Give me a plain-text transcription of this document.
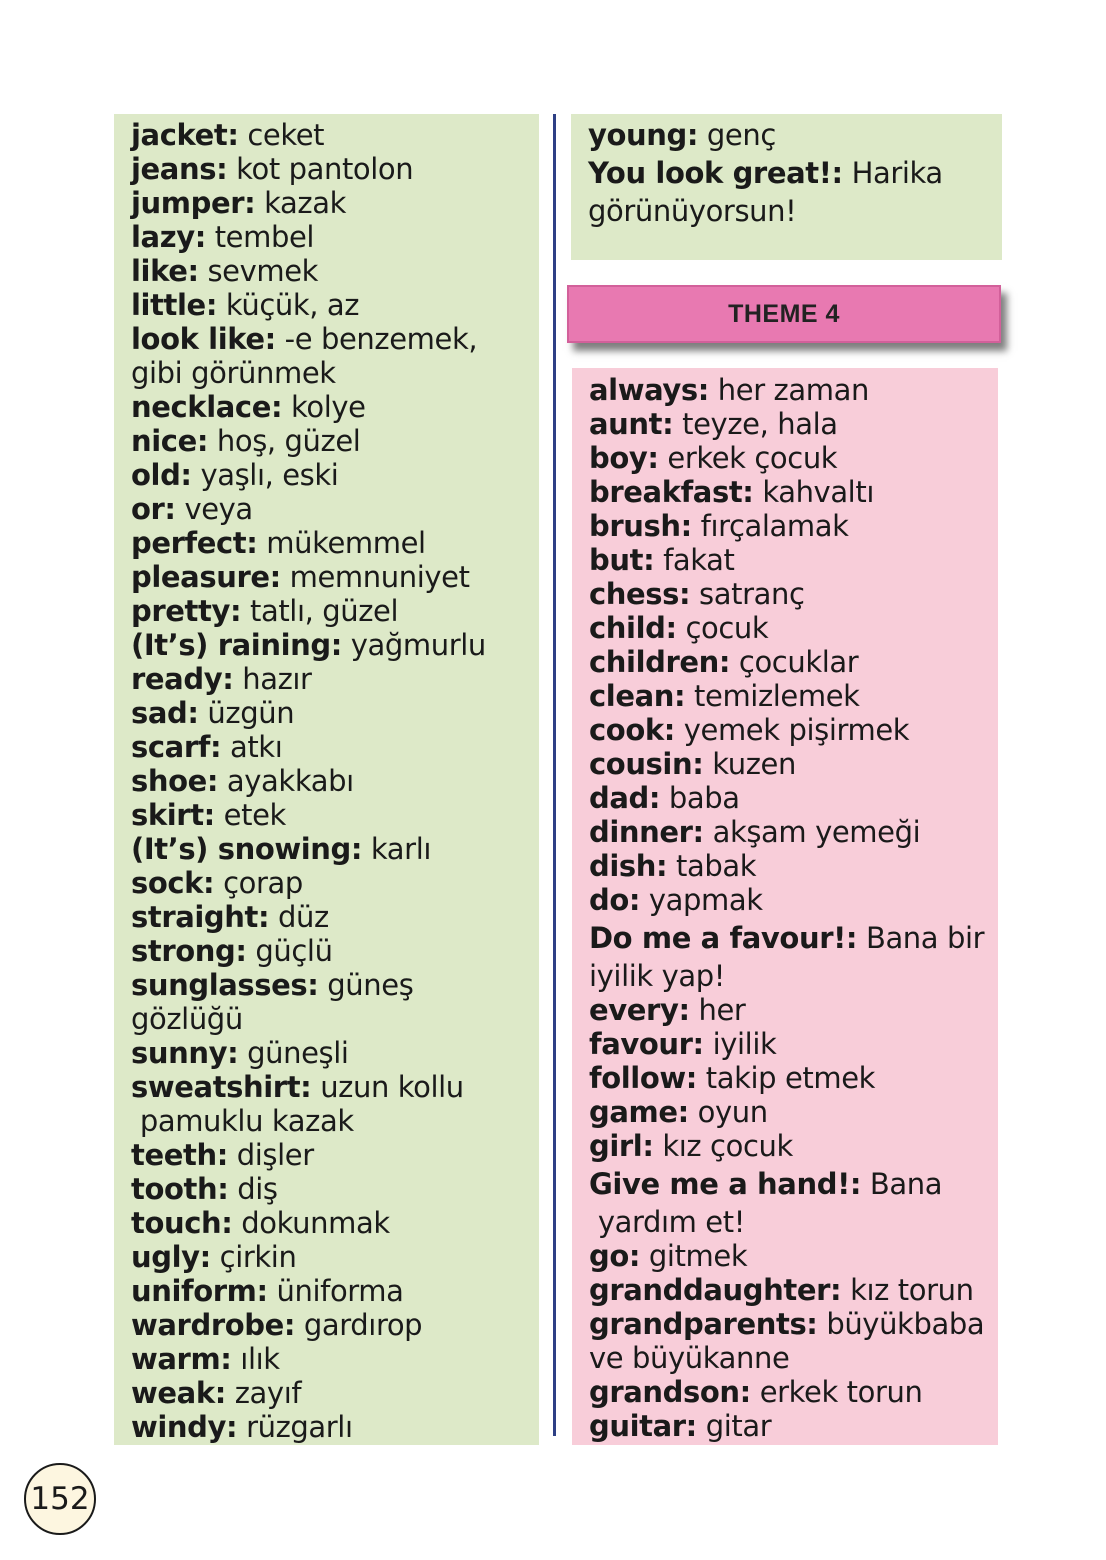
jacket: ceket
jeans: kot pantolon
jumper: kazak
lazy: tembel
like: sevmek
little: küçük, az
look like: -e benzemek,
gibi görünmek
necklace: kolye
nice: hoş, güzel
old: yaşlı, eski
or: veya
perfect: mükemmel
pleasure: memnuniyet
pretty: tatlı, güzel
(It’s) raining: yağmurlu
ready: hazır
sad: üzgün
scarf: atkı
shoe: ayakkabı
skirt: etek
(It’s) snowing: karlı
sock: çorap
straight: düz
strong: güçlü
sunglasses: güneş
gözlüğü
sunny: güneşli
sweatshirt: uzun kollu
pamuklu kazak
teeth: dişler
tooth: diş
touch: dokunmak
ugly: çirkin
uniform: üniforma
wardrobe: gardırop
warm: ılık
weak: zayıf
windy: rüzgarlı
young: genç
You look great!: Harika
görünüyorsun!
THEME 4
always: her zaman
aunt: teyze, hala
boy: erkek çocuk
breakfast: kahvaltı
brush: fırçalamak
but: fakat
chess: satranç
child: çocuk
children: çocuklar
clean: temizlemek
cook: yemek pişirmek
cousin: kuzen
dad: baba
dinner: akşam yemeği
dish: tabak
do: yapmak
Do me a favour!: Bana bir
iyilik yap!
every: her
favour: iyilik
follow: takip etmek
game: oyun
girl: kız çocuk
Give me a hand!: Bana
yardım et!
go: gitmek
granddaughter: kız torun
grandparents: büyükbaba
ve büyükanne
grandson: erkek torun
guitar: gitar
152
